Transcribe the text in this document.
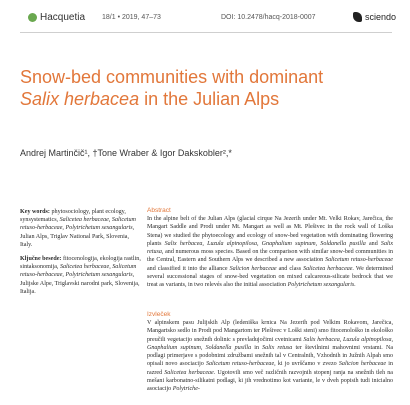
Hacquetia 18/1 • 2019, 47–73	DOI: 10.2478/hacq-2018-0007	sciendo
Snow-bed communities with dominant
Salix herbacea in the Julian Alps
Andrej Martinčič¹, †Tone Wraber & Igor Dakskobler²,*

Key words: phytosociology, plant ecology, synsystematics, Salicetea herbaceae, Salicetum retuso-herbaceae, Polytrichetum sexangularis, Julian Alps, Triglav National Park, Slovenia, Italy.

Ključne besede: fitocenologija, ekologija rastlin, sintaksonomija, Salicetea herbaceae, Salicetum retuso-herbaceae, Polytrichetum sexangularis, Julijske Alpe, Triglavski narodni park, Slovenija, Italija.

Abstract

In the alpine belt of the Julian Alps (glacial cirque Na Jezerih under Mt. Velki Rokav, Jarečica, the Mangart Saddle and Prodi under Mt. Mangart as well as Mt. Plešivec in the rock wall of Loška Stena) we studied the phytoecology and ecology of snow-bed vegetation with dominating flowering plants Salix herbacea, Luzula alpinopilosa, Gnaphalium supinum, Soldanella pusilla and Salix retusa, and numerous moss species. Based on the comparison with similar snow-bed communities in the Central, Eastern and Southern Alps we described a new association Salicetum retuso-herbaceae and classified it into the alliance Salicion herbaceae and class Salicetea herbaceae. We determined several successional stages of snow-bed vegetation on mixed calcareous-silicate bedrock that we treat as variants, in two relevés also the initial association Polytrichetum sexangularis.

Izvleček

V alpinskem pasu Julijskih Alp (ledeniška krnica Na Jezerih pod Velkim Rokavom, Jarečica, Mangartsko sedlo in Prodi pod Mangartom ter Plešivec v Loški steni) smo fitocenološko in ekološko preučili vegetacijo snežnih dolinic s prevladujočimi cvetnicami Salix herbacea, Luzula alpinopilosa, Gnaphalium supinum, Soldanella pusilla in Salix retusa ter številnimi mahovnimi vrstami. Na podlagi primerjave s podobnimi združbami snežnih tal v Centralnih, Vzhodnih in Južnih Alpah smo opisali novo asociacijo Salicetum retuso-herbaceae, ki jo uvrščamo v zvezo Salicion herbaceae in razred Salicetea herbaceae. Ugotovili smo več različnih razvojnih stopenj ranja na snežnih tleh na mešani karbonatno-silikatni podlagi, ki jih vrednotimo kot variante, le v dveh popisih tudi inicialno asociacijo Polytriche-
